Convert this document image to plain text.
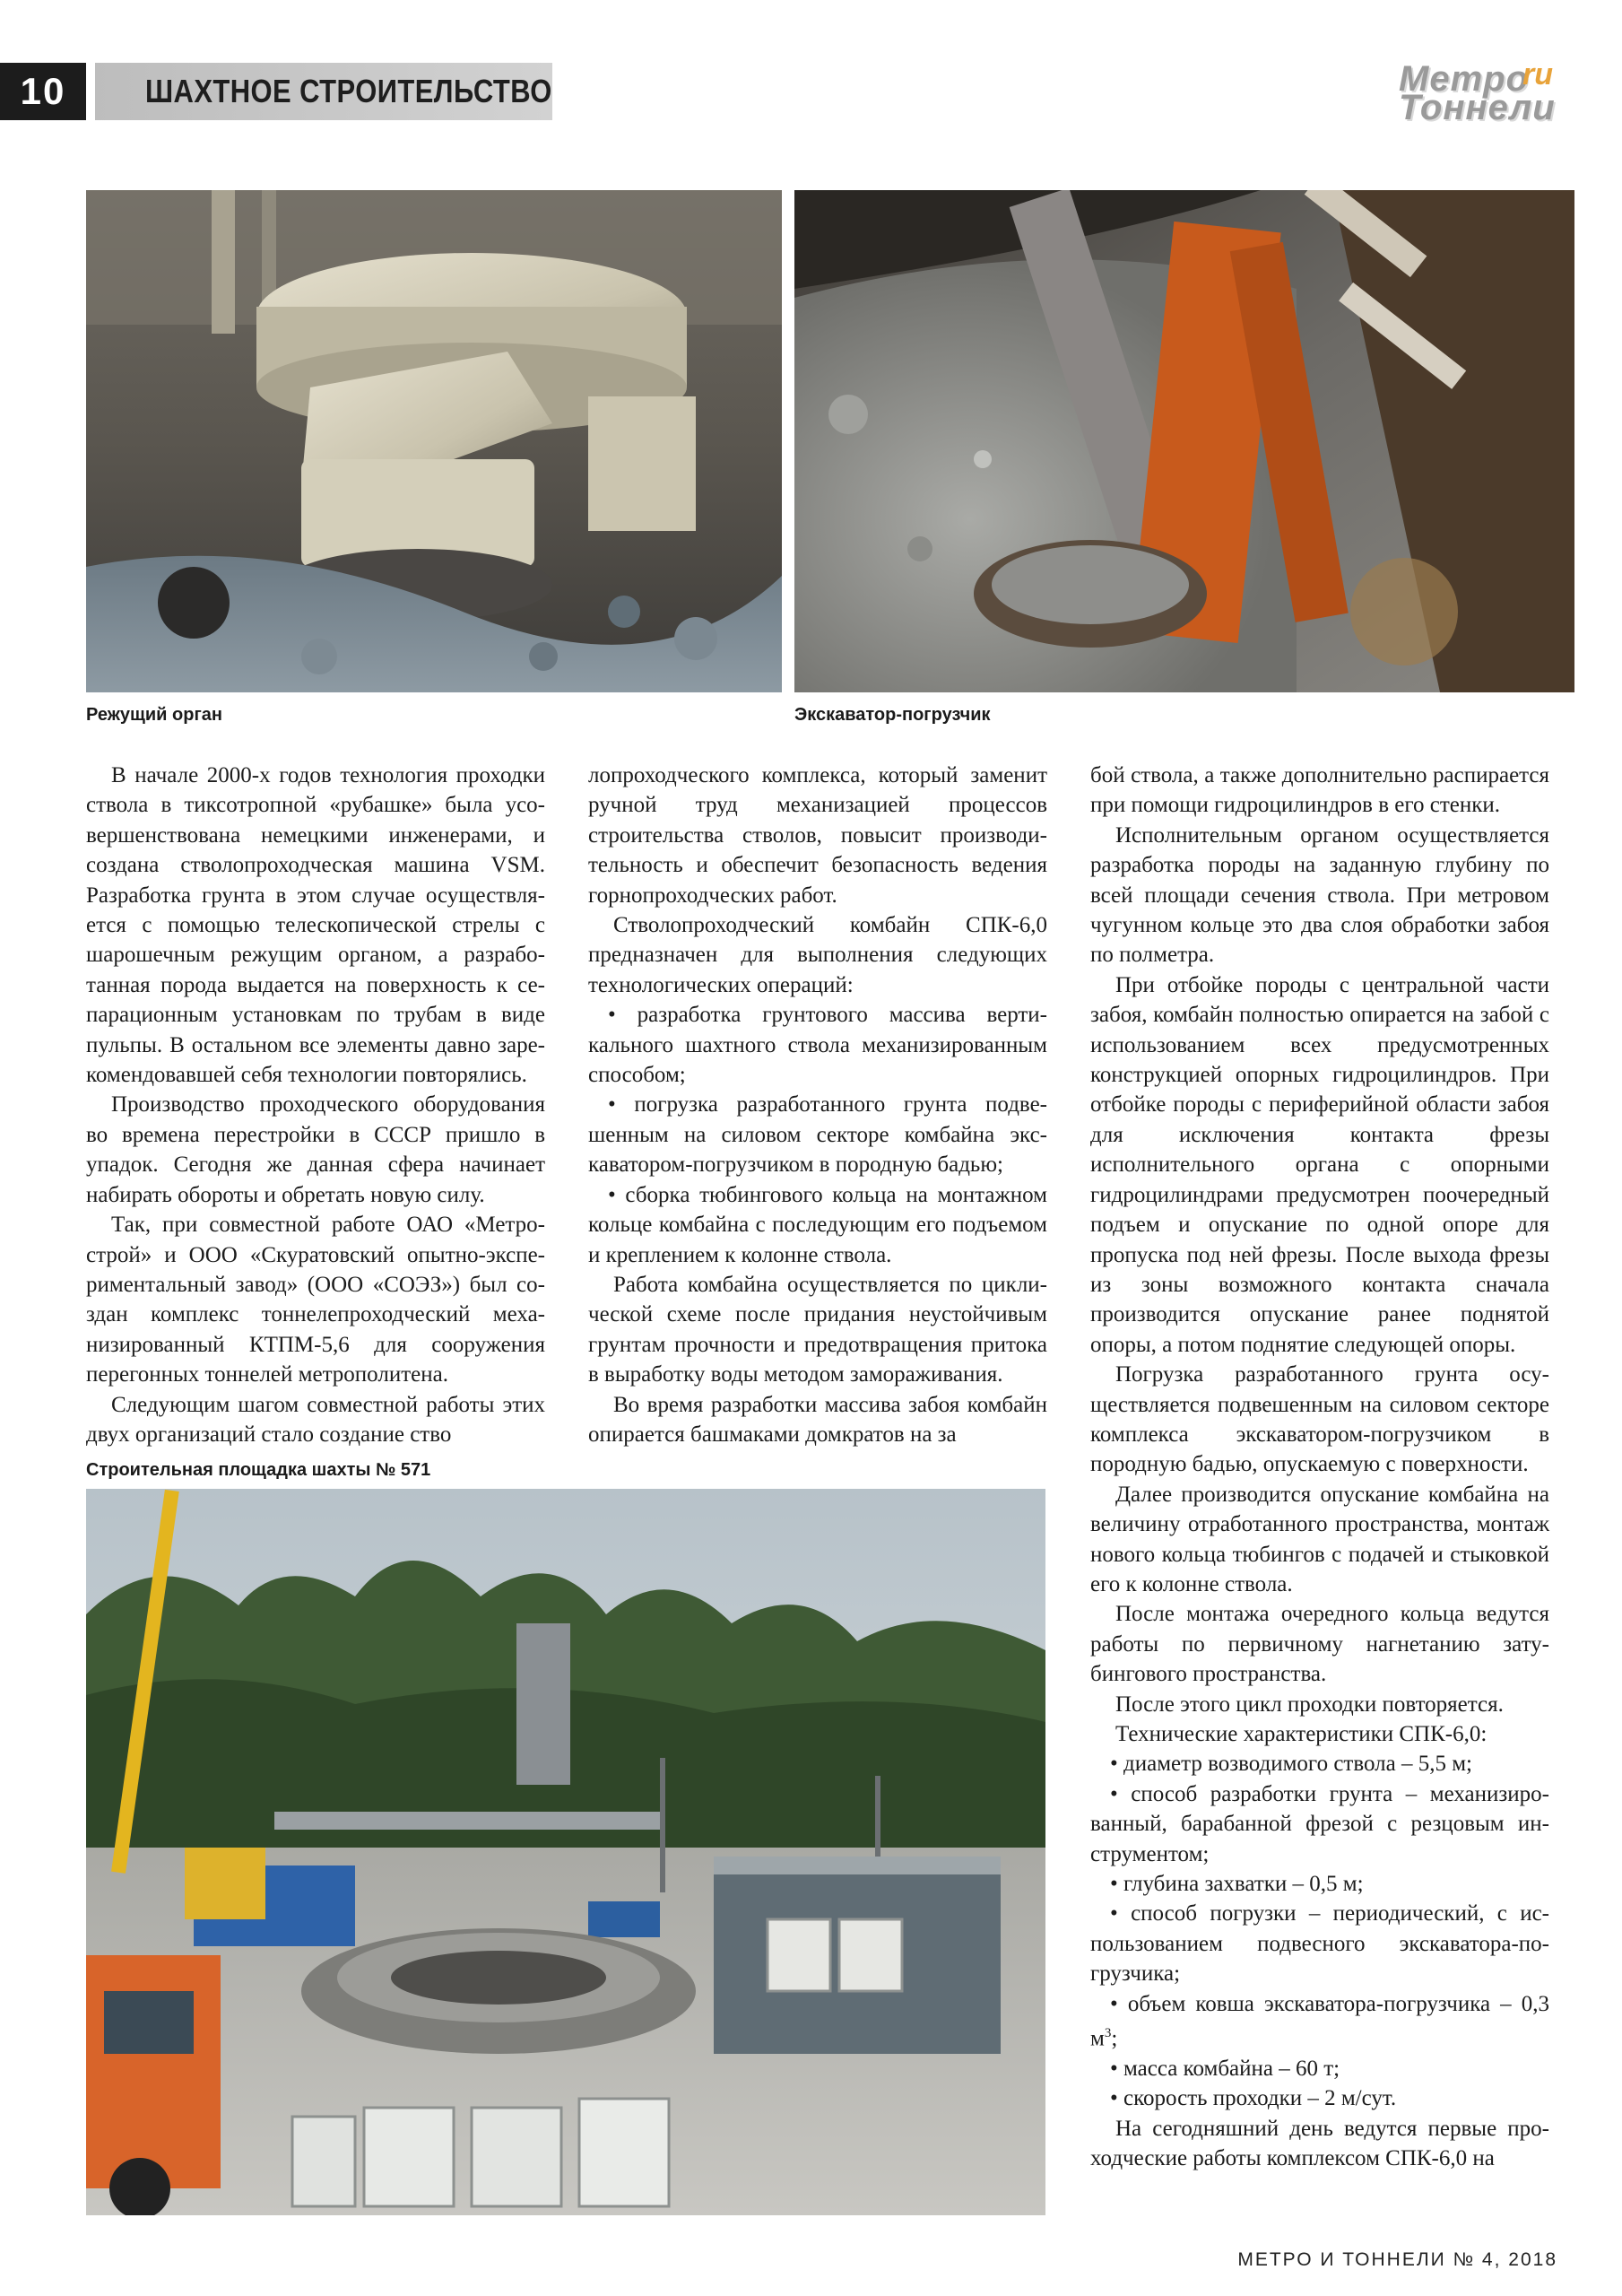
10	ШАХТНОЕ СТРОИТЕЛЬСТВО	Метро
ru
Тоннели
Режущий орган	Экскаватор-погрузчик

В начале 2000-х годов технология проходки ствола в тиксотропной «рубашке» была усовершенствована немецкими инженерами, и создана стволопроходческая машина VSM. Разработка грунта в этом случае осуществляется с помощью телескопической стрелы с шарошечным режущим органом, а разработанная порода выдается на поверхность к сепарационным установкам по трубам в виде пульпы. В остальном все элементы давно зарекомендовавшей себя технологии повторялись.

Производство проходческого оборудования во времена перестройки в СССР пришло в упадок. Сегодня же данная сфера начинает набирать обороты и обретать новую силу.

Так, при совместной работе ОАО «Метрострой» и ООО «Скуратовский опытно-экспериментальный завод» (ООО «СОЭЗ») был создан комплекс тоннелепроходческий механизированный КТПМ-5,6 для сооружения перегонных тоннелей метрополитена.

Следующим шагом совместной работы этих двух организаций стало создание ство

лопроходческого комплекса, который заменит ручной труд механизацией процессов строительства стволов, повысит производительность и обеспечит безопасность ведения горнопроходческих работ.

Стволопроходческий комбайн СПК-6,0 предназначен для выполнения следующих технологических операций:

• разработка грунтового массива вертикального шахтного ствола механизированным способом;

• погрузка разработанного грунта подвешенным на силовом секторе комбайна экскаватором-погрузчиком в породную бадью;

• сборка тюбингового кольца на монтажном кольце комбайна с последующим его подъемом и креплением к колонне ствола.

Работа комбайна осуществляется по циклической схеме после придания неустойчивым грунтам прочности и предотвращения притока в выработку воды методом замораживания.

Во время разработки массива забоя комбайн опирается башмаками домкратов на за

бой ствола, а также дополнительно распирается при помощи гидроцилиндров в его стенки.

Исполнительным органом осуществляется разработка породы на заданную глубину по всей площади сечения ствола. При метровом чугунном кольце это два слоя обработки забоя по полметра.

При отбойке породы с центральной части забоя, комбайн полностью опирается на забой с использованием всех предусмотренных конструкцией опорных гидроцилиндров. При отбойке породы с периферийной области забоя для исключения контакта фрезы исполнительного органа с опорными гидроцилиндрами предусмотрен поочередный подъем и опускание по одной опоре для пропуска под ней фрезы. После выхода фрезы из зоны возможного контакта сначала производится опускание ранее поднятой опоры, а потом поднятие следующей опоры.

Погрузка разработанного грунта осуществляется подвешенным на силовом секторе комплекса экскаватором-погрузчиком в породную бадью, опускаемую с поверхности.

Далее производится опускание комбайна на величину отработанного пространства, монтаж нового кольца тюбингов с подачей и стыковкой его к колонне ствола.

После монтажа очередного кольца ведутся работы по первичному нагнетанию затубингового пространства.

После этого цикл проходки повторяется.

Технические характеристики СПК-6,0:

• диаметр возводимого ствола – 5,5 м;

• способ разработки грунта – механизированный, барабанной фрезой с резцовым инструментом;

• глубина захватки – 0,5 м;

• способ погрузки – периодический, с использованием подвесного экскаватора-погрузчика;

• объем ковша экскаватора-погрузчика – 0,3 $м^3$;

• масса комбайна – 60 т;

• скорость проходки – 2 м/сут.

На сегодняшний день ведутся первые проходческие работы комплексом СПК-6,0 на

Строительная площадка шахты № 571
МЕТРО И ТОННЕЛИ № 4, 2018
